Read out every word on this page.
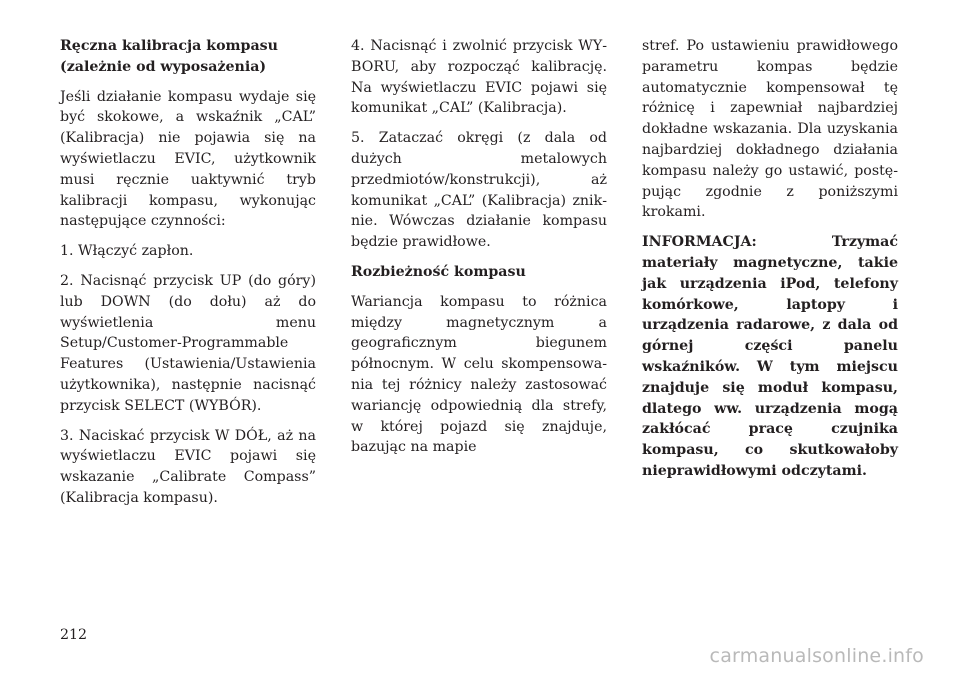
Ręczna kalibracja kompasu
(zależnie od wyposażenia)

Jeśli działanie kompasu wydaje się być skokowe, a wskaźnik „CAL” (Kalibracja) nie pojawia się na wyświetlaczu EVIC, użytkownik musi ręcznie uaktywnić tryb kalibracji kompasu, wykonując następujące czynności:

1. Włączyć zapłon.

2. Nacisnąć przycisk UP (do góry) lub DOWN (do dołu) aż do wyświetlenia menu Setup/Customer-Programmable Features (Ustawienia/Ustawienia użytkownika), następnie nacisnąć przycisk SELECT (WYBÓR).

3. Naciskać przycisk W DÓŁ, aż na wyświetlaczu EVIC pojawi się wskazanie „Calibrate Compass” (Kalibracja kompasu).

4. Nacisnąć i zwolnić przycisk WYBORU, aby rozpocząć kalibrację. Na wyświetlaczu EVIC pojawi się komunikat „CAL” (Kalibracja).

5. Zataczać okręgi (z dala od dużych metalowych przedmiotów/konstrukcji), aż komunikat „CAL” (Kalibracja) zniknie. Wówczas działanie kompasu będzie prawidłowe.

Rozbieżność kompasu

Wariancja kompasu to różnica między magnetycznym a geograficznym biegunem północnym. W celu skompensowania tej różnicy należy zastosować wariancję odpowiednią dla strefy, w której pojazd się znajduje, bazując na mapie

stref. Po ustawieniu prawidłowego parametru kompas będzie automatycznie kompensował tę różnicę i zapewniał najbardziej dokładne wskazania. Dla uzyskania najbardziej dokładnego działania kompasu należy go ustawić, postępując zgodnie z poniższymi krokami.

INFORMACJA: Trzymać materiały magnetyczne, takie jak urządzenia iPod, telefony komórkowe, laptopy i urządzenia radarowe, z dala od górnej części panelu wskaźników. W tym miejscu znajduje się moduł kompasu, dlatego ww. urządzenia mogą zakłócać pracę czujnika kompasu, co skutkowałoby nieprawidłowymi odczytami.

212
carmanualsonline.info
